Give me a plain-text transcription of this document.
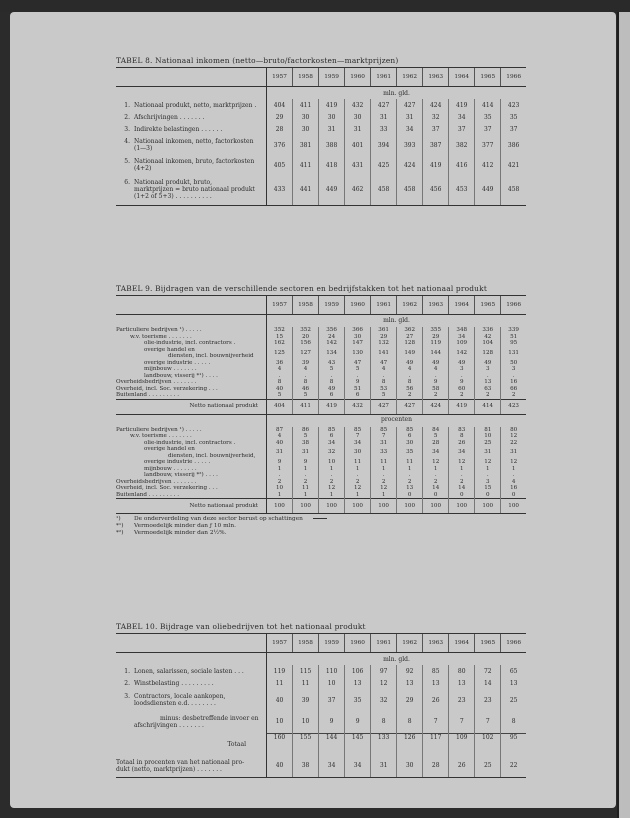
TABEL 8. Nationaal inkomen (netto—bruto/factorkosten—marktprijzen)
	1957	1958	1959	1960	1961	1962	1963	1964	1965	1966
	mln. gld.									
1. Nationaal produkt, netto, marktprijzen .	404	411	419	432	427	427	424	419	414	423
2. Afschrijvingen . . . . . . .	29	30	30	30	31	31	32	34	35	35
3. Indirekte belastingen . . . . . .	28	30	31	31	33	34	37	37	37	37
4. Nationaal inkomen, netto, factorkosten
(1—3)	376	381	388	401	394	393	387	382	377	386
5. Nationaal inkomen, bruto, factorkosten
(4+2)	405	411	418	431	425	424	419	416	412	421
6. Nationaal produkt, bruto,
marktprijzen = bruto nationaal produkt
(1+2 of 5+3) . . . . . . . . . .	433	441	449	462	458	458	456	453	449	458
TABEL 9. Bijdragen van de verschillende sectoren en bedrijfstakken tot het nationaal produkt
	1957	1958	1959	1960	1961	1962	1963	1964	1965	1966
	mln. gld.									
Particuliere bedrijven ¹) . . . . .	352	352	356	366	361	362	355	348	336	339
w.v. toerisme . . . . . . .	15	20	24	30	29	27	29	34	42	51
olie-industrie, incl. contractors .	162	156	142	147	132	128	119	109	104	95
overige handel en
diensten, incl. bouwnijverheid	125	127	134	130	141	149	144	142	128	131
overige industrie . . . . .	36	39	43	47	47	49	49	49	49	50
mijnbouw . . . . . . .	4	4	5	5	4	4	4	3	3	3
landbouw, visserij *¹) . . . .	.	.	.	.	.	.	.	.	.	.
Overheidsbedrijven . . . . . . .	8	8	8	9	8	8	9	9	13	16
Overheid, incl. Soc. verzekering . . .	40	46	49	51	53	56	58	60	63	66
Buitenland . . . . . . . . .	5	5	6	6	5	2	2	2	2	2
Netto nationaal produkt	404	411	419	432	427	427	424	419	414	423
	procenten									
Particuliere bedrijven ¹) . . . . .	87	86	85	85	85	85	84	83	81	80
w.v. toerisme . . . . . . .	4	5	6	7	7	6	5	8	10	12
olie-industrie, incl. contractors .	40	38	34	34	31	30	28	26	25	22
overige handel en
diensten, incl. bouwnijverheid,	31	31	32	30	33	35	34	34	31	31
overige industrie . . . . .	9	9	10	11	11	11	12	12	12	12
mijnbouw . . . . . . .	1	1	1	1	1	1	1	1	1	1
landbouw, visserij *²) . . . .	.	.	.	.	.	.	.	.	.	.
Overheidsbedrijven . . . . . . .	2	2	2	2	2	2	2	2	3	4
Overheid, incl. Soc. verzekering . . .	10	11	12	12	12	13	14	14	15	16
Buitenland . . . . . . . . .	1	1	1	1	1	0	0	0	0	0
Netto nationaal produkt	100	100	100	100	100	100	100	100	100	100
¹) De onderverdeling van deze sector berust op schattingen
*¹) Vermoedelijk minder dan ƒ 10 mln.
*²) Vermoedelijk minder dan 2½%.
TABEL 10. Bijdrage van oliebedrijven tot het nationaal produkt
	1957	1958	1959	1960	1961	1962	1963	1964	1965	1966
	mln. gld.									
1. Lonen, salarissen, sociale lasten . . .	119	115	110	106	97	92	85	80	72	65
2. Winstbelasting . . . . . . . . .	11	11	10	13	12	13	13	13	14	13
3. Contractors, locale aankopen,
loodsdiensten e.d. . . . . . . .	40	39	37	35	32	29	26	23	23	25
minus: desbetreffende invoer en
afschrijvingen . . . . . . .	10	10	9	9	8	8	7	7	7	8
Totaal	160	155	144	145	133	126	117	109	102	95
Totaal in procenten van het nationaal pro-
dukt (netto, marktprijzen) . . . . . . .	40	38	34	34	31	30	28	26	25	22
